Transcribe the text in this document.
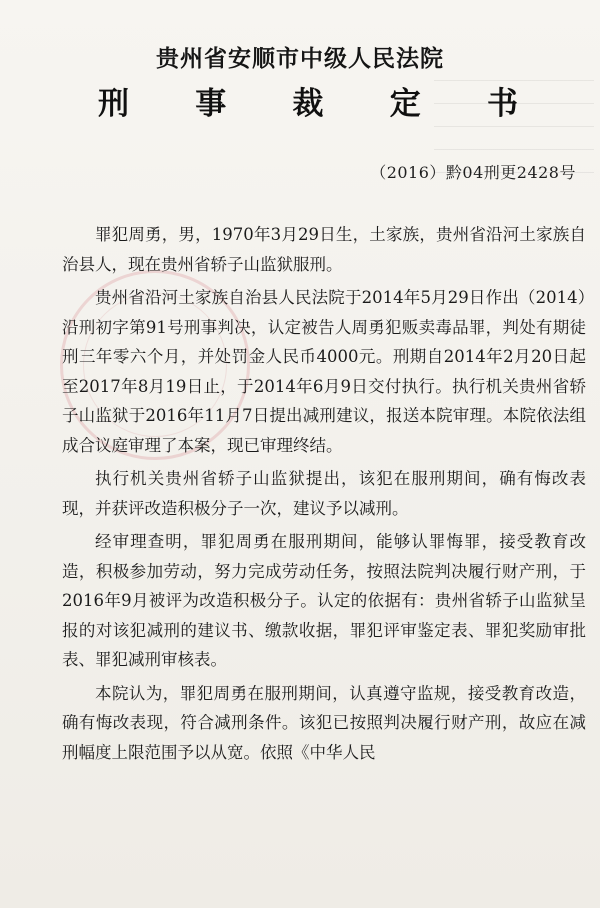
贵州省安顺市中级人民法院
刑 事 裁 定 书
（2016）黔04刑更2428号

罪犯周勇，男，1970年3月29日生，土家族，贵州省沿河土家族自治县人，现在贵州省轿子山监狱服刑。

贵州省沿河土家族自治县人民法院于2014年5月29日作出（2014）沿刑初字第91号刑事判决，认定被告人周勇犯贩卖毒品罪，判处有期徒刑三年零六个月，并处罚金人民币4000元。刑期自2014年2月20日起至2017年8月19日止，于2014年6月9日交付执行。执行机关贵州省轿子山监狱于2016年11月7日提出减刑建议，报送本院审理。本院依法组成合议庭审理了本案，现已审理终结。

执行机关贵州省轿子山监狱提出，该犯在服刑期间，确有悔改表现，并获评改造积极分子一次，建议予以减刑。

经审理查明，罪犯周勇在服刑期间，能够认罪悔罪，接受教育改造，积极参加劳动，努力完成劳动任务，按照法院判决履行财产刑，于2016年9月被评为改造积极分子。认定的依据有：贵州省轿子山监狱呈报的对该犯减刑的建议书、缴款收据，罪犯评审鉴定表、罪犯奖励审批表、罪犯减刑审核表。

本院认为，罪犯周勇在服刑期间，认真遵守监规，接受教育改造，确有悔改表现，符合减刑条件。该犯已按照判决履行财产刑，故应在减刑幅度上限范围予以从宽。依照《中华人民
